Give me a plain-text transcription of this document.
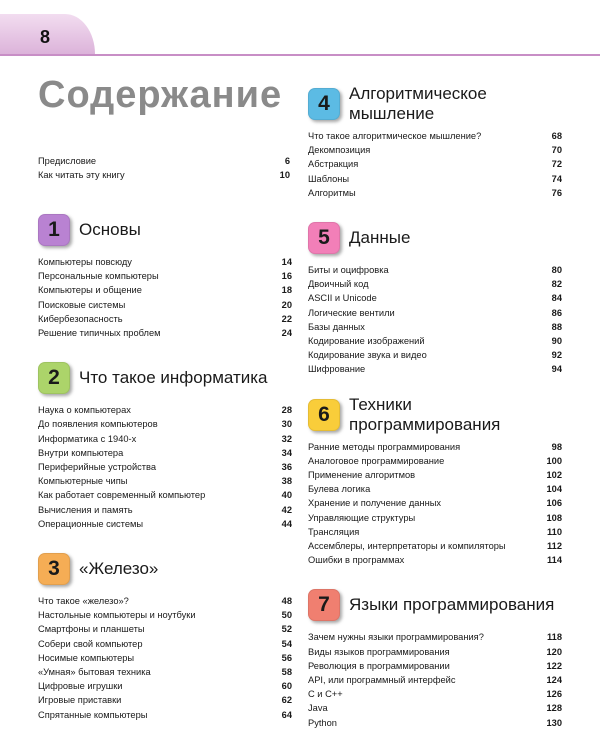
8
Содержание
Предисловие	6
Как читать эту книгу	10
1	Основы
Компьютеры повсюду	14
Персональные компьютеры	16
Компьютеры и общение	18
Поисковые системы	20
Кибербезопасность	22
Решение типичных проблем	24
2	Что такое информатика
Наука о компьютерах	28
До появления компьютеров	30
Информатика с 1940-х	32
Внутри компьютера	34
Периферийные устройства	36
Компьютерные чипы	38
Как работает современный компьютер	40
Вычисления и память	42
Операционные системы	44
3	«Железо»
Что такое «железо»?	48
Настольные компьютеры и ноутбуки	50
Смартфоны и планшеты	52
Собери свой компьютер	54
Носимые компьютеры	56
«Умная» бытовая техника	58
Цифровые игрушки	60
Игровые приставки	62
Спрятанные компьютеры	64
4	Алгоритмическое мышление
Что такое алгоритмическое мышление?	68
Декомпозиция	70
Абстракция	72
Шаблоны	74
Алгоритмы	76
5	Данные
Биты и оцифровка	80
Двоичный код	82
ASCII и Unicode	84
Логические вентили	86
Базы данных	88
Кодирование изображений	90
Кодирование звука и видео	92
Шифрование	94
6	Техники программирования
Ранние методы программирования	98
Аналоговое программирование	100
Применение алгоритмов	102
Булева логика	104
Хранение и получение данных	106
Управляющие структуры	108
Трансляция	110
Ассемблеры, интерпретаторы и компиляторы	112
Ошибки в программах	114
7	Языки программирования
Зачем нужны языки программирования?	118
Виды языков программирования	120
Революция в программировании	122
API, или программный интерфейс	124
С и С++	126
Java	128
Python	130
